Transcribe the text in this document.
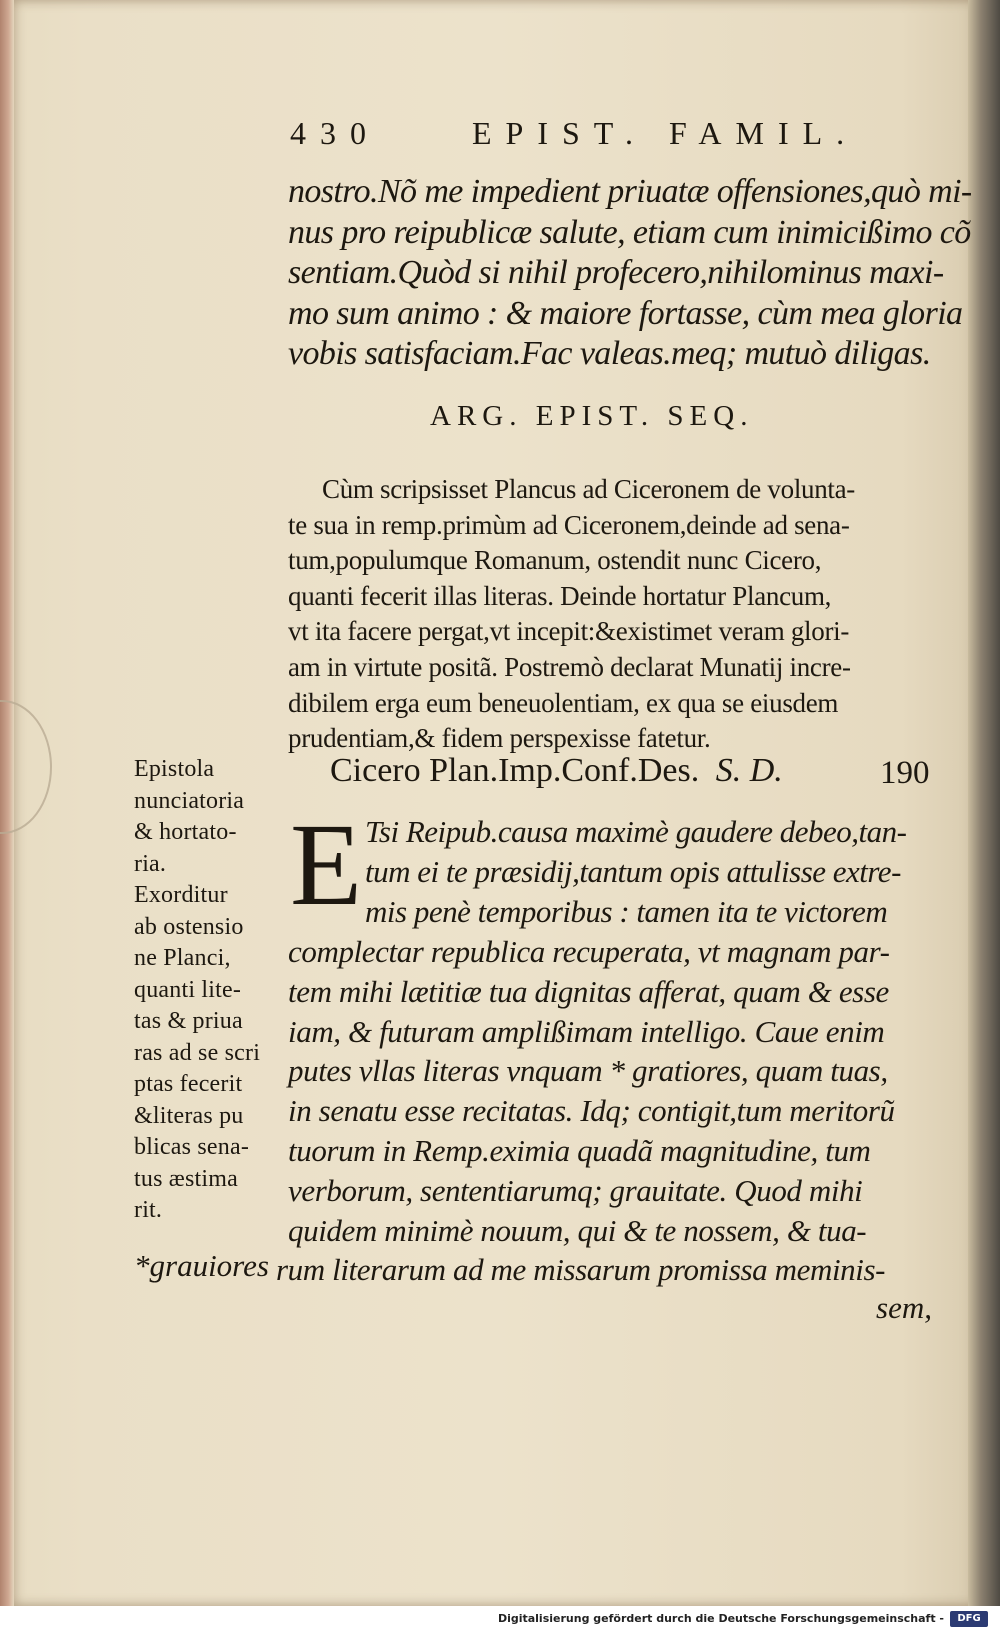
430	EPIST. FAMIL.
nostro.Nõ me impedient priuatæ offensiones,quò mi-
nus pro reipublicæ salute, etiam cum inimicißimo cõ
sentiam.Quòd si nihil profecero,nihilominus maxi-
mo sum animo : & maiore fortasse, cùm mea gloria
vobis satisfaciam.Fac valeas.meq; mutuò diligas.
ARG. EPIST. SEQ.
Cùm scripsisset Plancus ad Ciceronem de volunta-
te sua in remp.primùm ad Ciceronem,deinde ad sena-
tum,populumque Romanum, ostendit nunc Cicero,
quanti fecerit illas literas. Deinde hortatur Plancum,
vt ita facere pergat,vt incepit:&existimet veram glori-
am in virtute positã. Postremò declarat Munatij incre-
dibilem erga eum beneuolentiam, ex qua se eiusdem
prudentiam,& fidem perspexisse fatetur.
Epistola
nunciatoria
& hortato-
ria.
Exorditur
ab ostensio
ne Planci,
quanti lite-
tas & priua
ras ad se scri
ptas fecerit
&literas pu
blicas sena-
tus æstima
rit.
Cicero Plan.Imp.Conf.Des. S. D.	190
E Tsi Reipub.causa maximè gaudere debeo,tan-
tum ei te præsidij,tantum opis attulisse extre-
mis penè temporibus : tamen ita te victorem
complectar republica recuperata, vt magnam par-
tem mihi lætitiæ tua dignitas afferat, quam & esse
iam, & futuram amplißimam intelligo. Caue enim
putes vllas literas vnquam * gratiores, quam tuas,
in senatu esse recitatas. Idq; contigit,tum meritorũ
tuorum in Remp.eximia quadã magnitudine, tum
verborum, sententiarumq; grauitate. Quod mihi
quidem minimè nouum, qui & te nossem, & tua-
rum literarum ad me missarum promissa meminis-
*grauiores
sem,
Digitalisierung gefördert durch die Deutsche Forschungsgemeinschaft -	DFG
